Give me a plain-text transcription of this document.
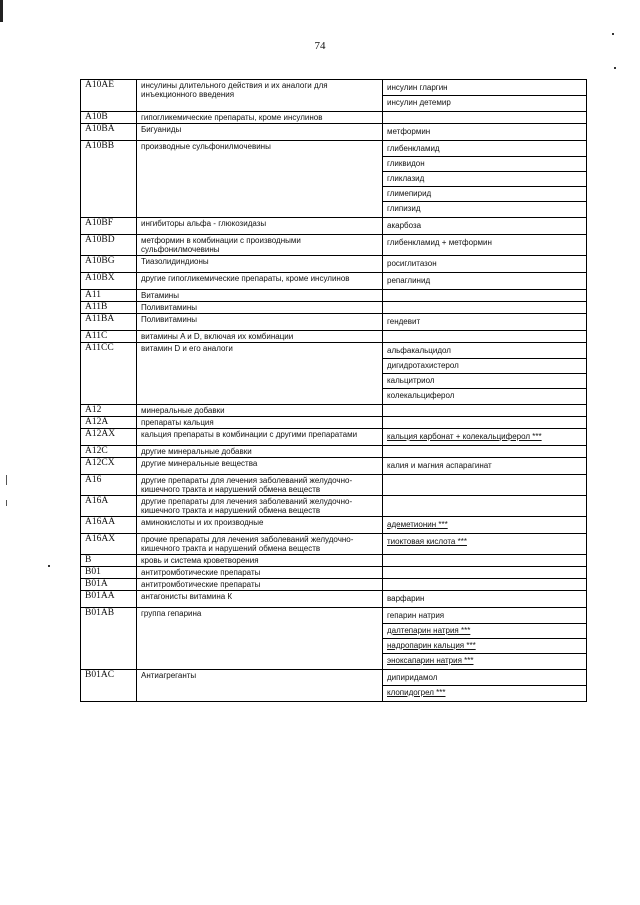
74
A10AE	инсулины длительного действия и их аналоги для инъекционного введения	инсулин гларгин
инсулин детемир

A10B	гипогликемические препараты, кроме инсулинов	
A10BA	Бигуаниды	метформин

A10BB	производные сульфонилмочевины	глибенкламид
гликвидон
гликлазид
глимепирид
глипизид

A10BF	ингибиторы альфа - глюкозидазы	акарбоза

A10BD	метформин в комбинации с производными сульфонилмочевины	глибенкламид + метформин

A10BG	Тиазолидиндионы	росиглитазон

A10BX	другие гипогликемические препараты, кроме инсулинов	репаглинид

A11	Витамины	
A11B	Поливитамины	
A11BA	Поливитамины	гендевит

A11C	витамины A и D, включая их комбинации	
A11CC	витамин D и его аналоги	альфакальцидол
дигидротахистерол
кальцитриол
колекальциферол

A12	минеральные добавки	
A12A	препараты кальция	
A12AX	кальция препараты в комбинации с другими препаратами	кальция карбонат + колекальциферол ***

A12C	другие минеральные добавки	
A12CX	другие минеральные вещества	калия и магния аспарагинат

A16	другие препараты для лечения заболеваний желудочно-кишечного тракта и нарушений обмена веществ	
A16A	другие препараты для лечения заболеваний желудочно-кишечного тракта и нарушений обмена веществ	
A16AA	аминокислоты и их производные	адеметионин ***

A16AX	прочие препараты для лечения заболеваний желудочно-кишечного тракта и нарушений обмена веществ	тиоктовая кислота ***

B	кровь и система кроветворения	
B01	антитромботические препараты	
B01A	антитромботические препараты	
B01AA	антагонисты витамина К	варфарин

B01AB	группа гепарина	гепарин натрия
далтепарин натрия ***
надропарин кальция ***
эноксапарин натрия ***

B01AC	Антиагреганты	дипиридамол
клопидогрел ***
